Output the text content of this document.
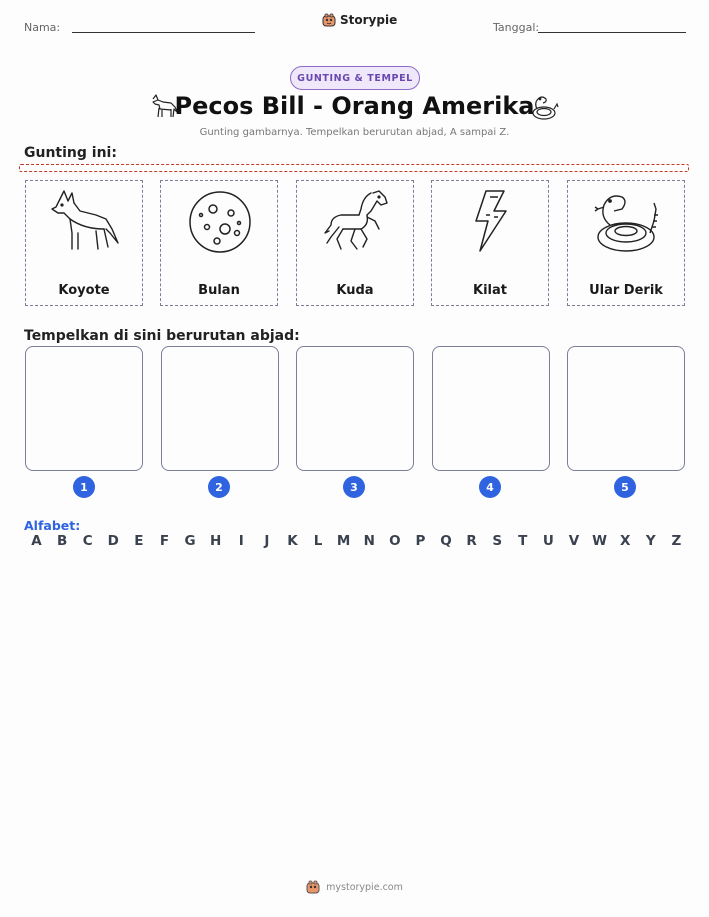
Nama:
Storypie
Tanggal:
GUNTING & TEMPEL
Pecos Bill - Orang Amerika
Gunting gambarnya. Tempelkan berurutan abjad, A sampai Z.
Gunting ini:
Koyote	Bulan	Kuda	Kilat	Ular Derik
Tempelkan di sini berurutan abjad:
1	2	3	4	5
Alfabet:
A	B	C	D	E	F	G	H	I	J	K	L	M N	O	P	Q	R	S	T	U	V W X	Y	Z
mystorypie.com
